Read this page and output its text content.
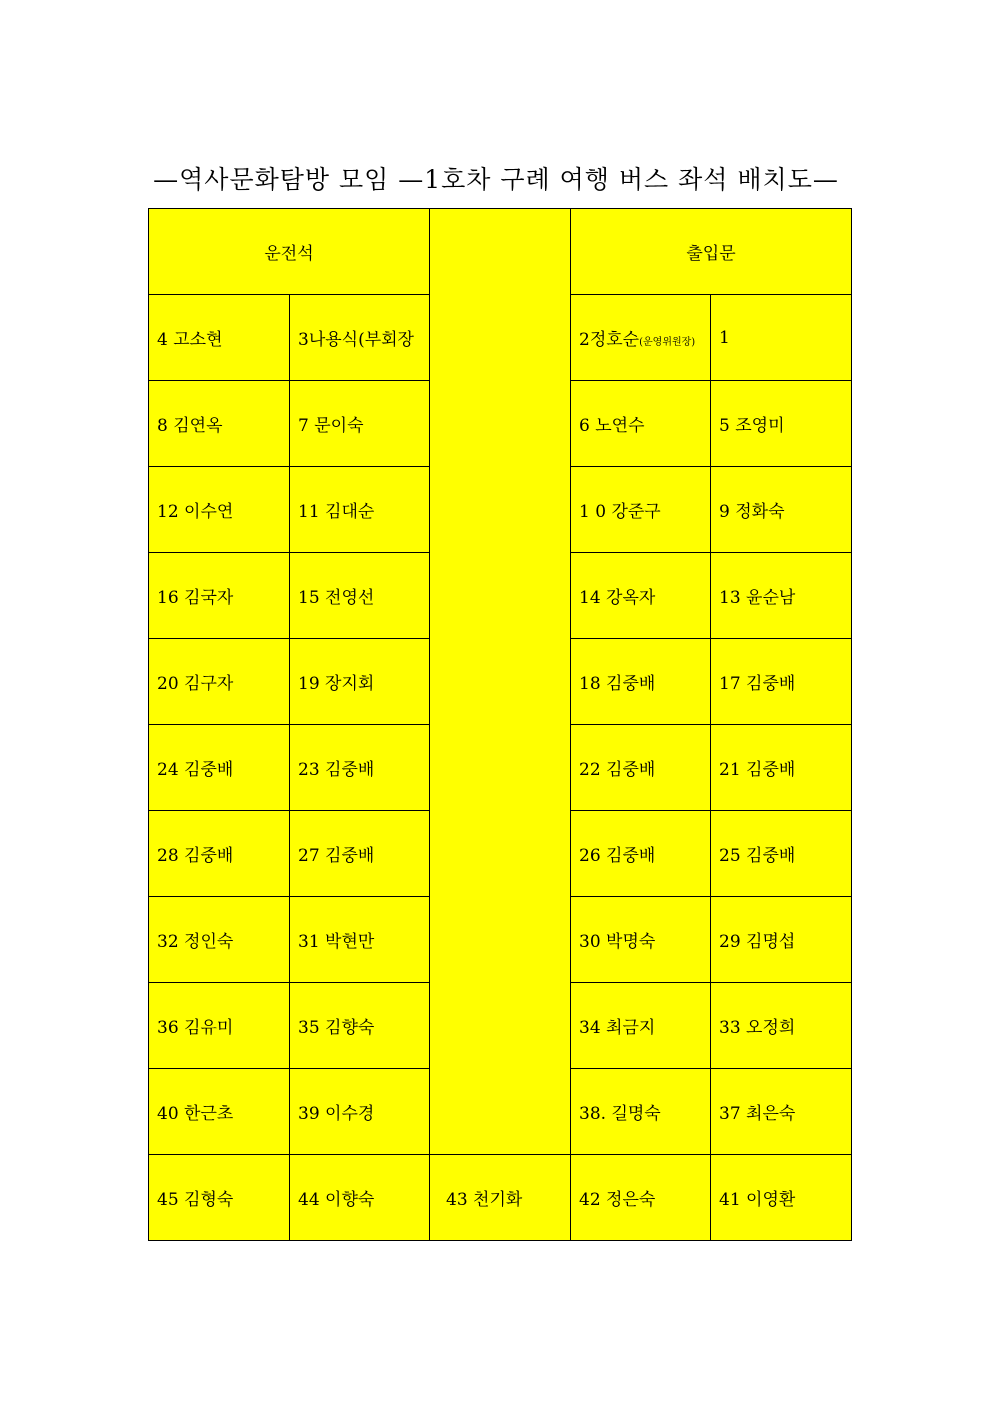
—역사문화탐방 모임 —1호차 구례 여행 버스 좌석 배치도—
운전석			출입문	
4 고소현	3나용식(부회장		2정호순(운영위원장)	1
8 김연옥	7 문이숙		6 노연수	5 조영미
12 이수연	11 김대순		1 0 강준구	9 정화숙
16 김국자	15 전영선		14 강옥자	13 윤순남
20 김구자	19 장지회		18 김중배	17 김중배
24 김중배	23 김중배		22 김중배	21 김중배
28 김중배	27 김중배		26 김중배	25 김중배
32 정인숙	31 박현만		30 박명숙	29 김명섭
36 김유미	35 김향숙		34 최금지	33 오정희
40 한근초	39 이수경		38. 길명숙	37 최은숙
45 김형숙	44 이향숙	43 천기화	42 정은숙	41 이영환
